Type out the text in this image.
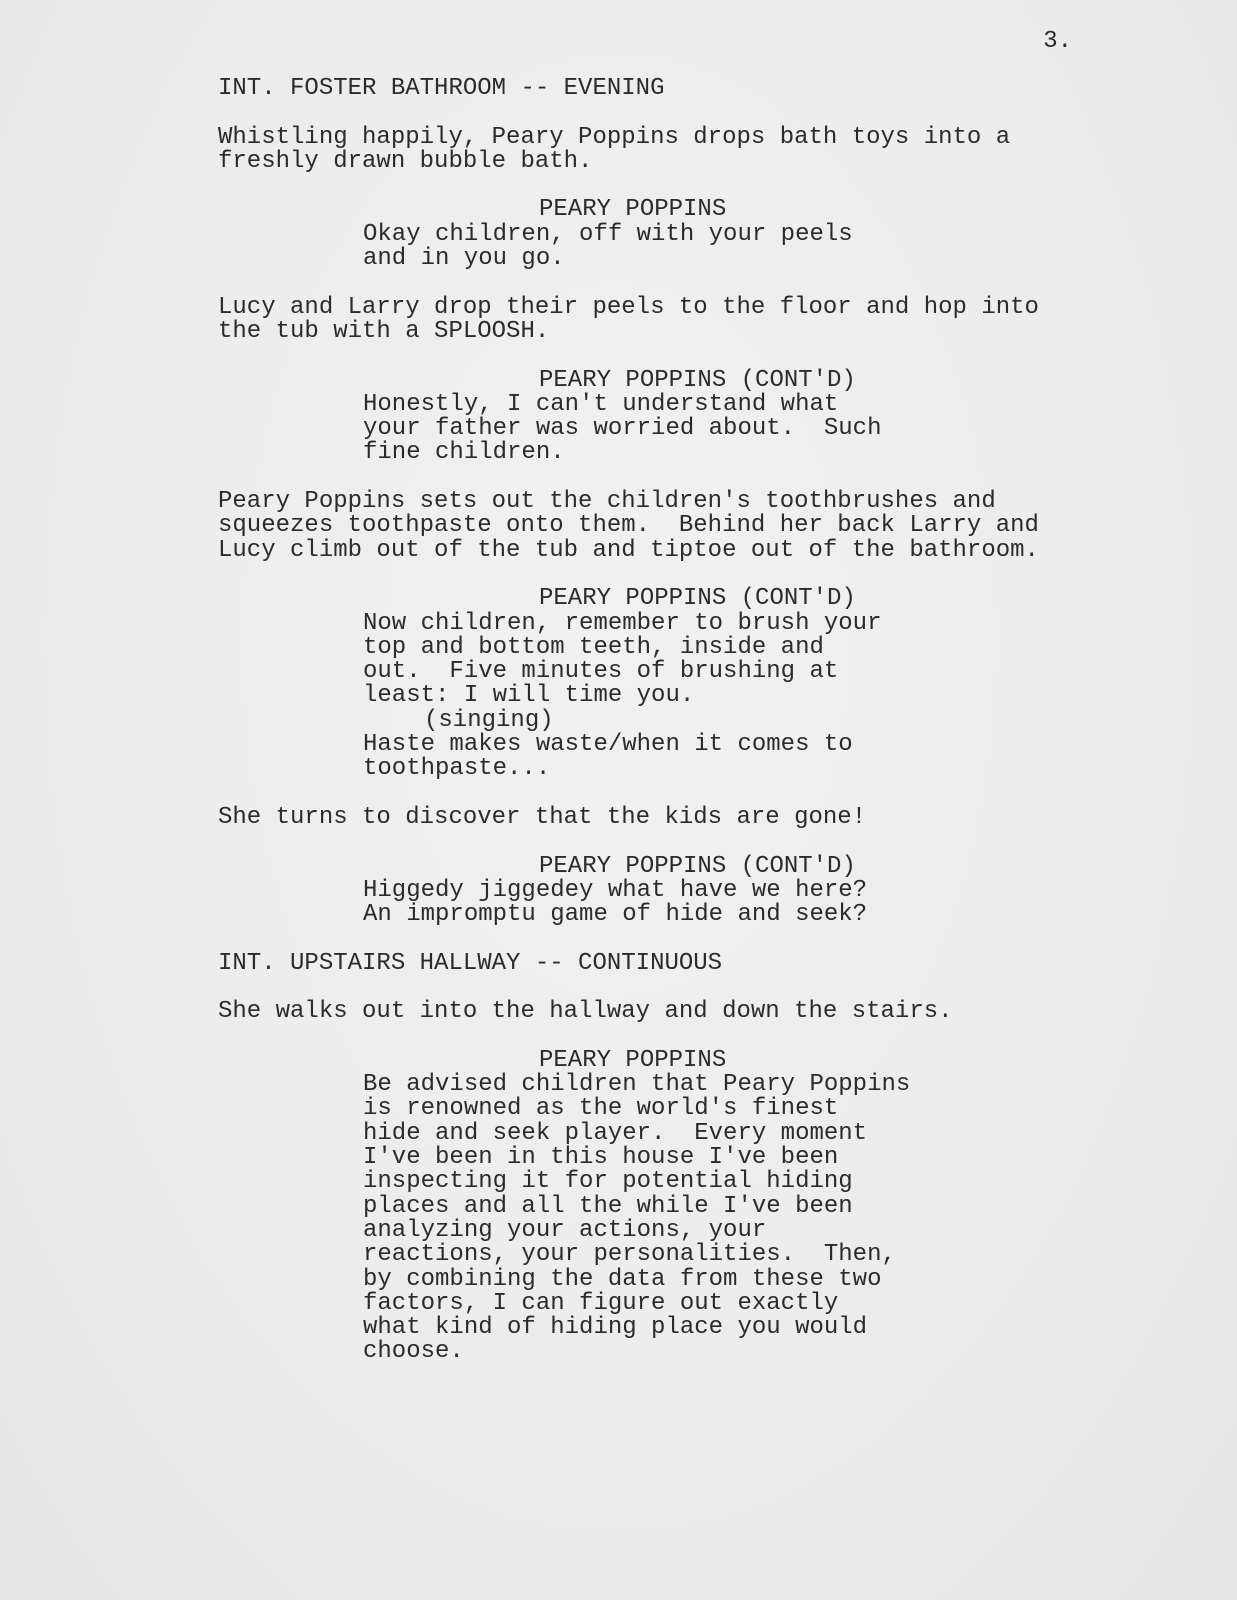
3.

INT. FOSTER BATHROOM -- EVENING

Whistling happily, Peary Poppins drops bath toys into a
freshly drawn bubble bath.

PEARY POPPINS

Okay children, off with your peels
and in you go.

Lucy and Larry drop their peels to the floor and hop into
the tub with a SPLOOSH.

PEARY POPPINS (CONT'D)

Honestly, I can't understand what
your father was worried about.  Such
fine children.

Peary Poppins sets out the children's toothbrushes and
squeezes toothpaste onto them.  Behind her back Larry and
Lucy climb out of the tub and tiptoe out of the bathroom.

PEARY POPPINS (CONT'D)

Now children, remember to brush your
top and bottom teeth, inside and
out.  Five minutes of brushing at
least: I will time you.

(singing)

Haste makes waste/when it comes to
toothpaste...

She turns to discover that the kids are gone!

PEARY POPPINS (CONT'D)

Higgedy jiggedey what have we here?
An impromptu game of hide and seek?

INT. UPSTAIRS HALLWAY -- CONTINUOUS

She walks out into the hallway and down the stairs.

PEARY POPPINS

Be advised children that Peary Poppins
is renowned as the world's finest
hide and seek player.  Every moment
I've been in this house I've been
inspecting it for potential hiding
places and all the while I've been
analyzing your actions, your
reactions, your personalities.  Then,
by combining the data from these two
factors, I can figure out exactly
what kind of hiding place you would
choose.
